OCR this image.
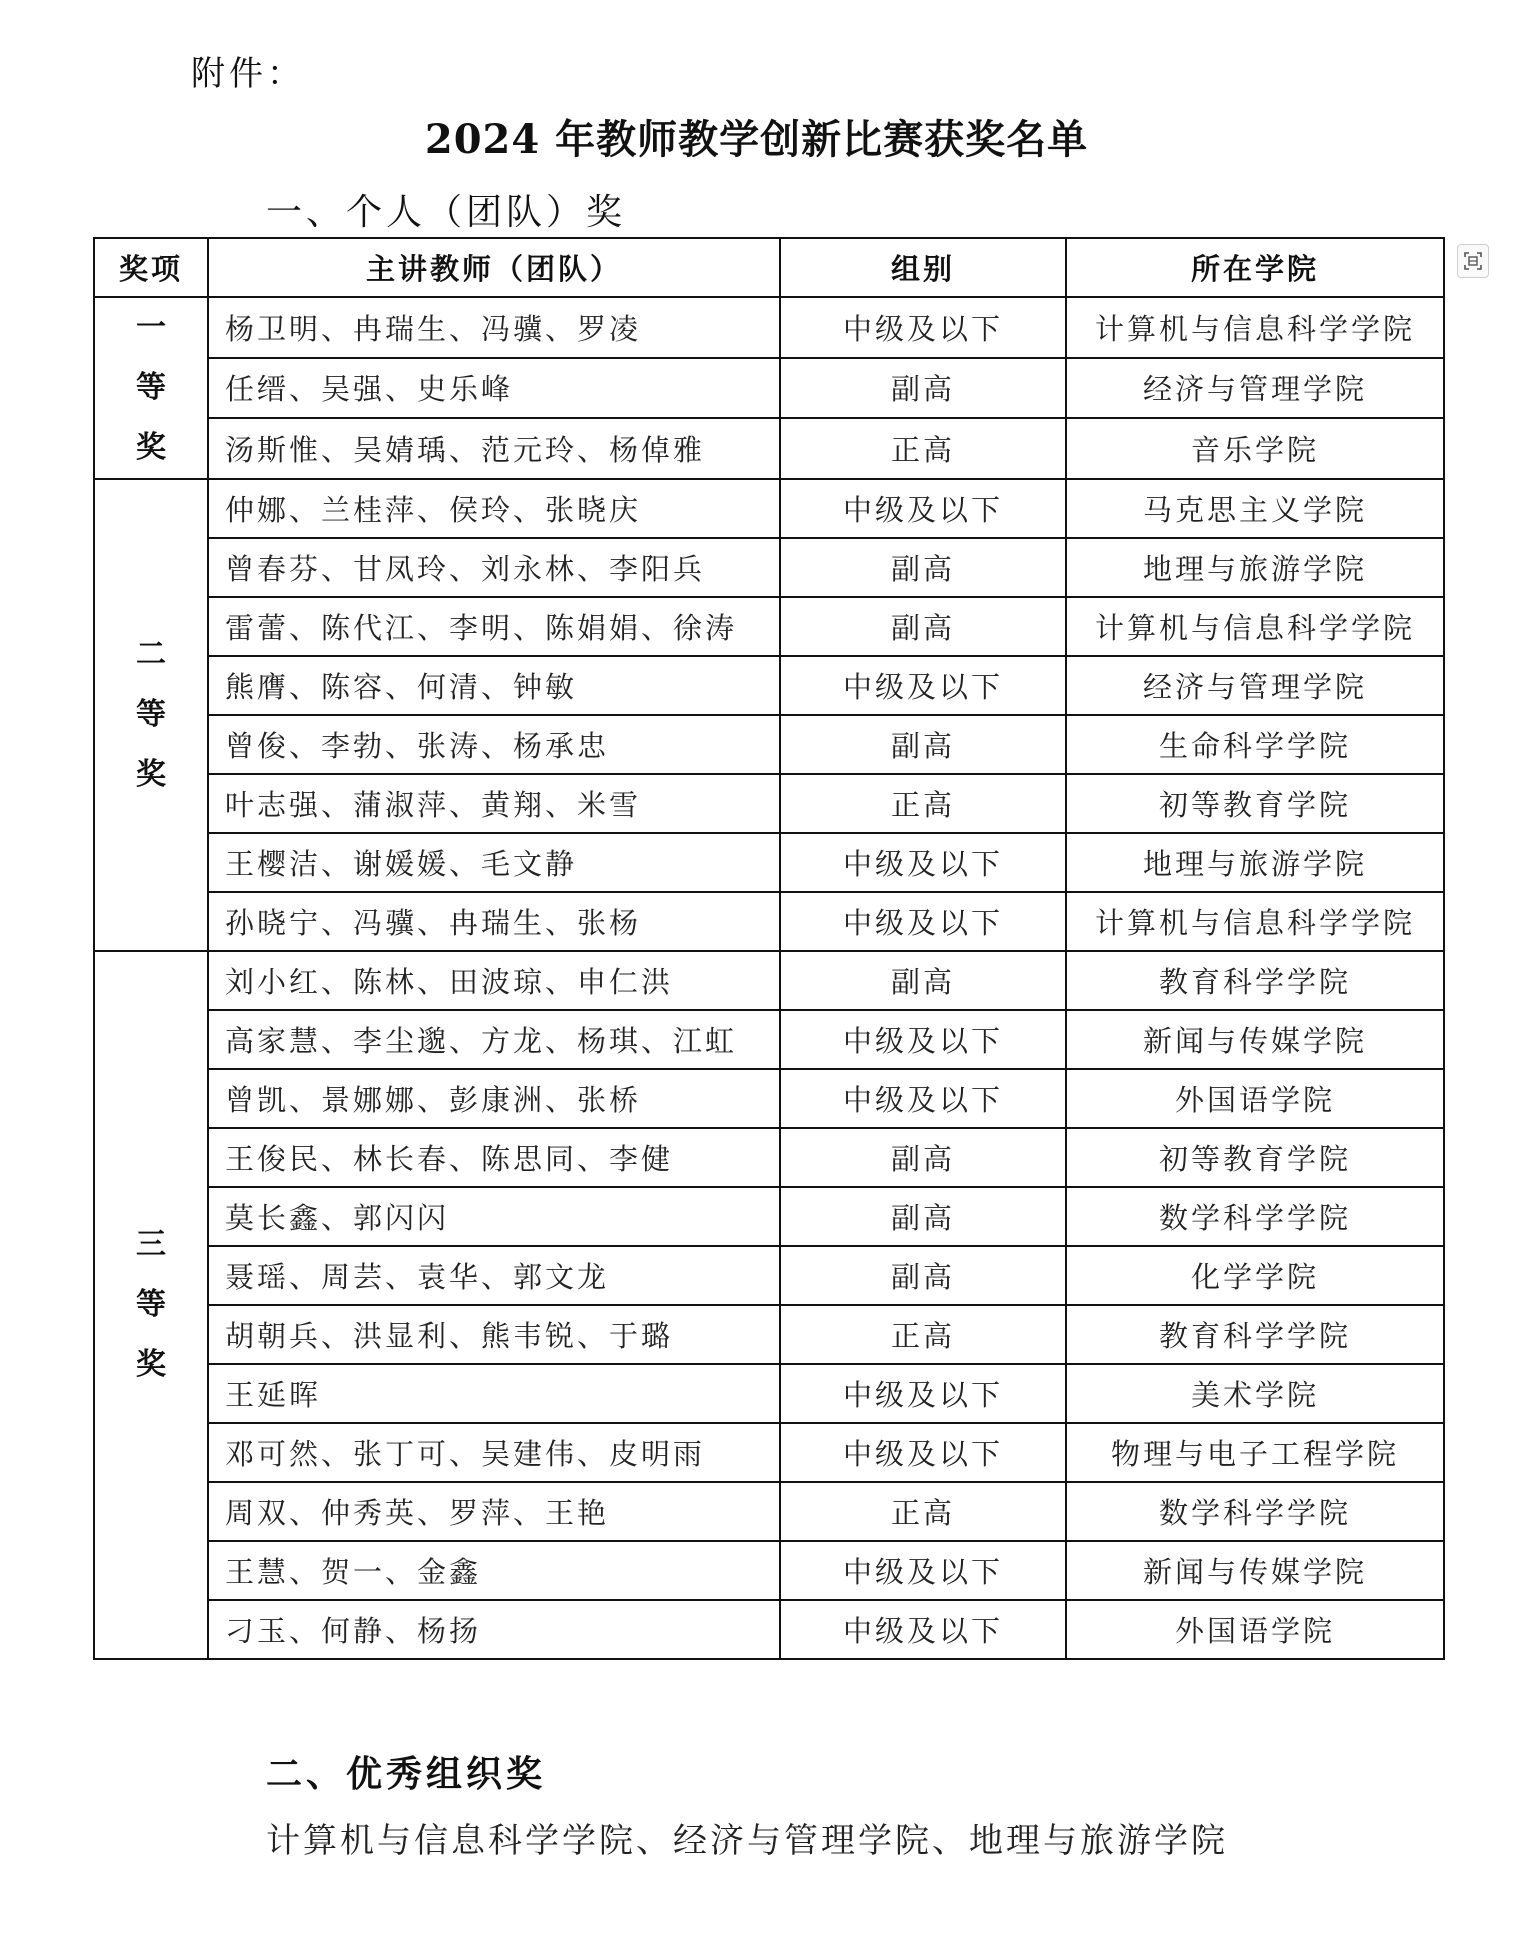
附件：
2024 年教师教学创新比赛获奖名单
一、个人（团队）奖
奖项	主讲教师（团队）	组别	所在学院
一等奖	杨卫明、冉瑞生、冯骥、罗凌	中级及以下	计算机与信息科学学院
	任缙、吴强、史乐峰	副高	经济与管理学院
	汤斯惟、吴婧瑀、范元玲、杨倬雅	正高	音乐学院
二等奖	仲娜、兰桂萍、侯玲、张晓庆	中级及以下	马克思主义学院
	曾春芬、甘凤玲、刘永林、李阳兵	副高	地理与旅游学院
	雷蕾、陈代江、李明、陈娟娟、徐涛	副高	计算机与信息科学学院
	熊膺、陈容、何清、钟敏	中级及以下	经济与管理学院
	曾俊、李勃、张涛、杨承忠	副高	生命科学学院
	叶志强、蒲淑萍、黄翔、米雪	正高	初等教育学院
	王樱洁、谢媛媛、毛文静	中级及以下	地理与旅游学院
	孙晓宁、冯骥、冉瑞生、张杨	中级及以下	计算机与信息科学学院
三等奖	刘小红、陈林、田波琼、申仁洪	副高	教育科学学院
	高家慧、李尘邈、方龙、杨琪、江虹	中级及以下	新闻与传媒学院
	曾凯、景娜娜、彭康洲、张桥	中级及以下	外国语学院
	王俊民、林长春、陈思同、李健	副高	初等教育学院
	莫长鑫、郭闪闪	副高	数学科学学院
	聂瑶、周芸、袁华、郭文龙	副高	化学学院
	胡朝兵、洪显利、熊韦锐、于璐	正高	教育科学学院
	王延晖	中级及以下	美术学院
	邓可然、张丁可、吴建伟、皮明雨	中级及以下	物理与电子工程学院
	周双、仲秀英、罗萍、王艳	正高	数学科学学院
	王慧、贺一、金鑫	中级及以下	新闻与传媒学院
	刁玉、何静、杨扬	中级及以下	外国语学院
二、优秀组织奖
计算机与信息科学学院、经济与管理学院、地理与旅游学院
